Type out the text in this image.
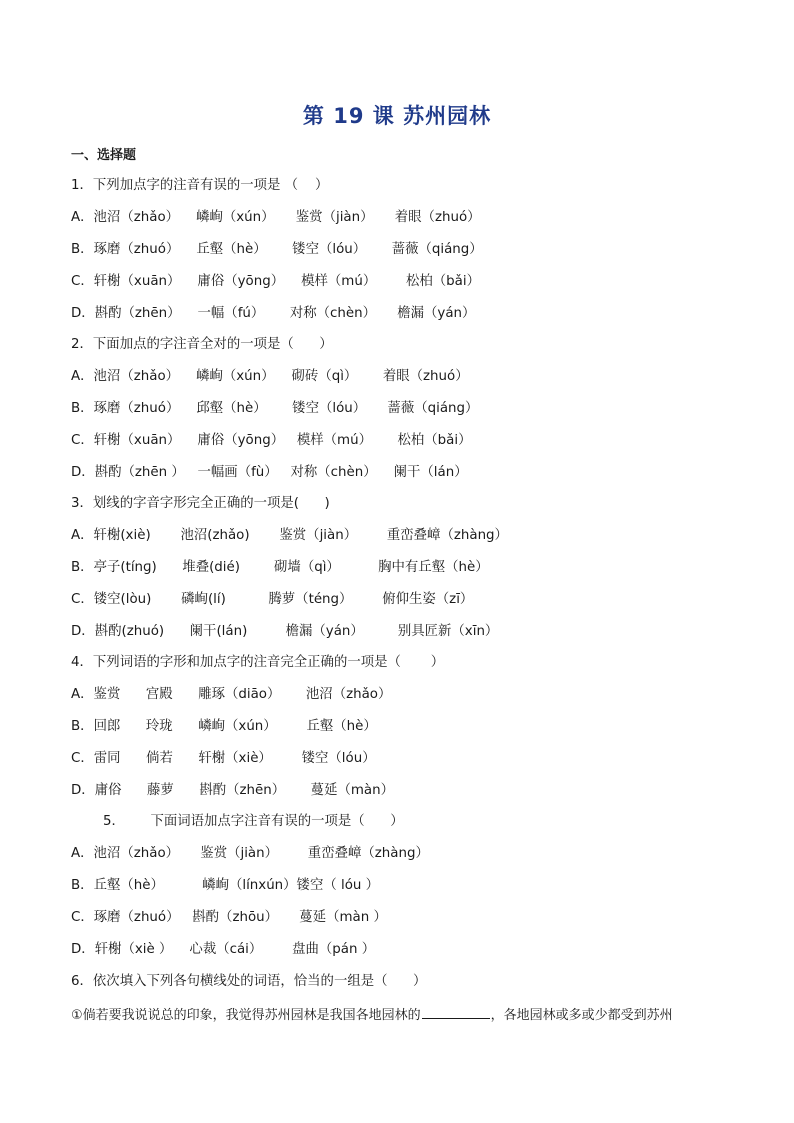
第 19 课 苏州园林
一、选择题
1．下列加点字的注音有误的一项是 （    ）
A．池沼（zhǎo）    嶙峋（xún）     鉴赏（jiàn）     着眼（zhuó）
B．琢磨（zhuó）    丘壑（hè）      镂空（lóu）      蔷薇（qiáng）
C．轩榭（xuān）    庸俗（yōng）    模样（mú）       松柏（bǎi）
D．斟酌（zhēn）    一幅（fú）      对称（chèn）     檐漏（yán）
2．下面加点的字注音全对的一项是（      ）
A．池沼（zhǎo）    嶙峋（xún）    砌砖（qì）      着眼（zhuó）
B．琢磨（zhuó）    邱壑（hè）      镂空（lóu）     蔷薇（qiáng）
C．轩榭（xuān）    庸俗（yōng）   模样（mú）      松柏（bǎi）
D．斟酌（zhēn ）   一幅画（fù）   对称（chèn）    阑干（lán）
3．划线的字音字形完全正确的一项是(      )
A．轩榭(xiè)       池沼(zhǎo)       鉴赏（jiàn）       重峦叠嶂（zhàng）
B．亭子(tínɡ)      堆叠(dié)        砌墙（qì）         胸中有丘壑（hè）
C．镂空(lòu)       磷峋(lí)          腾萝（téng）       俯仰生姿（zī）
D．斟酌(zhuó)      阑干(lán)         檐漏（yán）        别具匠新（xīn）
4．下列词语的字形和加点字的注音完全正确的一项是（       ）
A．鉴赏      宫殿      雕琢（diāo）      池沼（zhǎo）
B．回郎      玲珑      嶙峋（xún）       丘壑（hè）
C．雷同      倘若      轩榭（xiè）       镂空（lóu）
D．庸俗      藤萝      斟酌（zhēn）      蔓延（màn）
5．      下面词语加点字注音有误的一项是（      ）
A．池沼（zhǎo）     鉴赏（jiàn）       重峦叠嶂（zhàng）
B．丘壑（hè）         嶙峋（línxún）镂空（ lóu ）
C．琢磨（zhuó）   斟酌（zhōu）     蔓延（màn ）
D．轩榭（xiè ）    心裁（cái）       盘曲（pán ）
6．依次填入下列各句横线处的词语，恰当的一组是（      ）
①倘若要我说说总的印象，我觉得苏州园林是我国各地园林的	，各地园林或多或少都受到苏州
